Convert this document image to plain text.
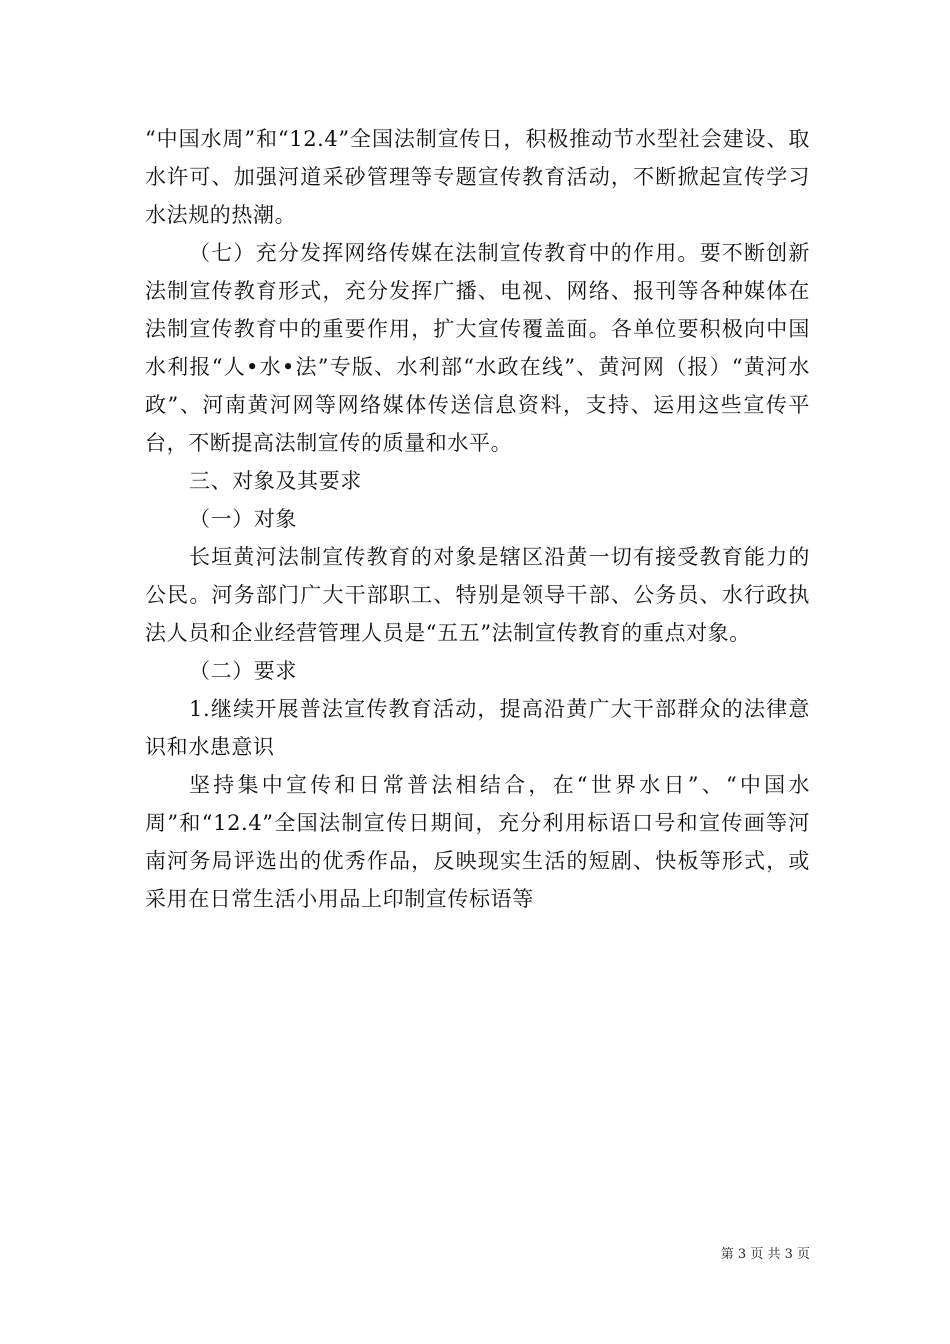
“中国水周”和“12.4”全国法制宣传日，积极推动节水型社会建设、取水许可、加强河道采砂管理等专题宣传教育活动，不断掀起宣传学习水法规的热潮。

（七）充分发挥网络传媒在法制宣传教育中的作用。要不断创新法制宣传教育形式，充分发挥广播、电视、网络、报刊等各种媒体在法制宣传教育中的重要作用，扩大宣传覆盖面。各单位要积极向中国水利报“人•水•法”专版、水利部“水政在线”、黄河网（报）“黄河水政”、河南黄河网等网络媒体传送信息资料，支持、运用这些宣传平台，不断提高法制宣传的质量和水平。

三、对象及其要求

（一）对象

长垣黄河法制宣传教育的对象是辖区沿黄一切有接受教育能力的公民。河务部门广大干部职工、特别是领导干部、公务员、水行政执法人员和企业经营管理人员是“五五”法制宣传教育的重点对象。

（二）要求

1.继续开展普法宣传教育活动，提高沿黄广大干部群众的法律意识和水患意识

坚持集中宣传和日常普法相结合，在“世界水日”、“中国水周”和“12.4”全国法制宣传日期间，充分利用标语口号和宣传画等河南河务局评选出的优秀作品，反映现实生活的短剧、快板等形式，或采用在日常生活小用品上印制宣传标语等

第 3 页 共 3 页
